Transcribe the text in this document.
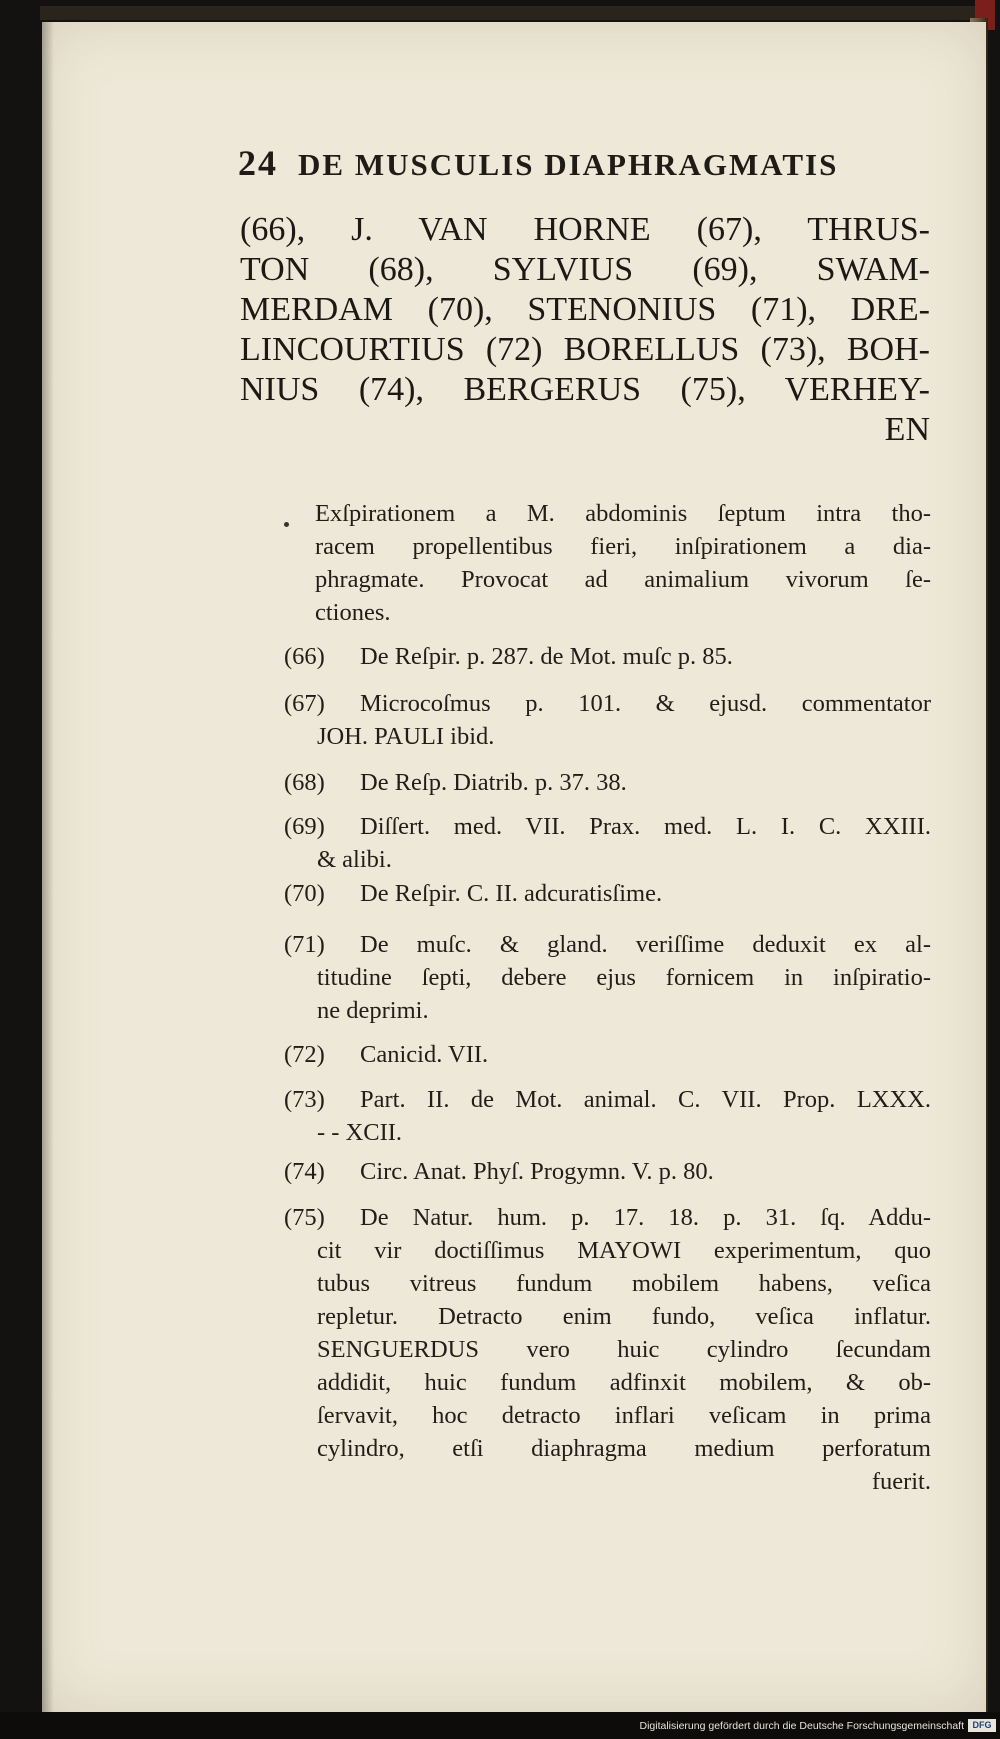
24 DE MUSCULIS DIAPHRAGMATIS
(66), J. VAN HORNE (67), THRUS-
TON (68), SYLVIUS (69), SWAM-
MERDAM (70), STENONIUS (71), DRE-
LINCOURTIUS (72) BORELLUS (73), BOH-
NIUS (74), BERGERUS (75), VERHEY-
EN
Exſpirationem a M. abdominis ſeptum intra tho-
racem propellentibus fieri, inſpirationem a dia-
phragmate. Provocat ad animalium vivorum ſe-
ctiones.
(66) De Reſpir. p. 287. de Mot. muſc p. 85.
(67) Microcoſmus p. 101. & ejusd. commentator
JOH. PAULI ibid.
(68) De Reſp. Diatrib. p. 37. 38.
(69) Diſſert. med. VII. Prax. med. L. I. C. XXIII.
& alibi.
(70) De Reſpir. C. II. adcuratisſime.
(71) De muſc. & gland. veriſſime deduxit ex al-
titudine ſepti, debere ejus fornicem in inſpiratio-
ne deprimi.
(72) Canicid. VII.
(73) Part. II. de Mot. animal. C. VII. Prop. LXXX.
- - XCII.
(74) Circ. Anat. Phyſ. Progymn. V. p. 80.
(75) De Natur. hum. p. 17. 18. p. 31. ſq. Addu-
cit vir doctiſſimus MAYOWI experimentum, quo
tubus vitreus fundum mobilem habens, veſica
repletur. Detracto enim fundo, veſica inflatur.
SENGUERDUS vero huic cylindro ſecundam
addidit, huic fundum adfinxit mobilem, & ob-
ſervavit, hoc detracto inflari veſicam in prima
cylindro, etſi diaphragma medium perforatum
fuerit.
Digitalisierung gefördert durch die Deutsche Forschungsgemeinschaft DFG
